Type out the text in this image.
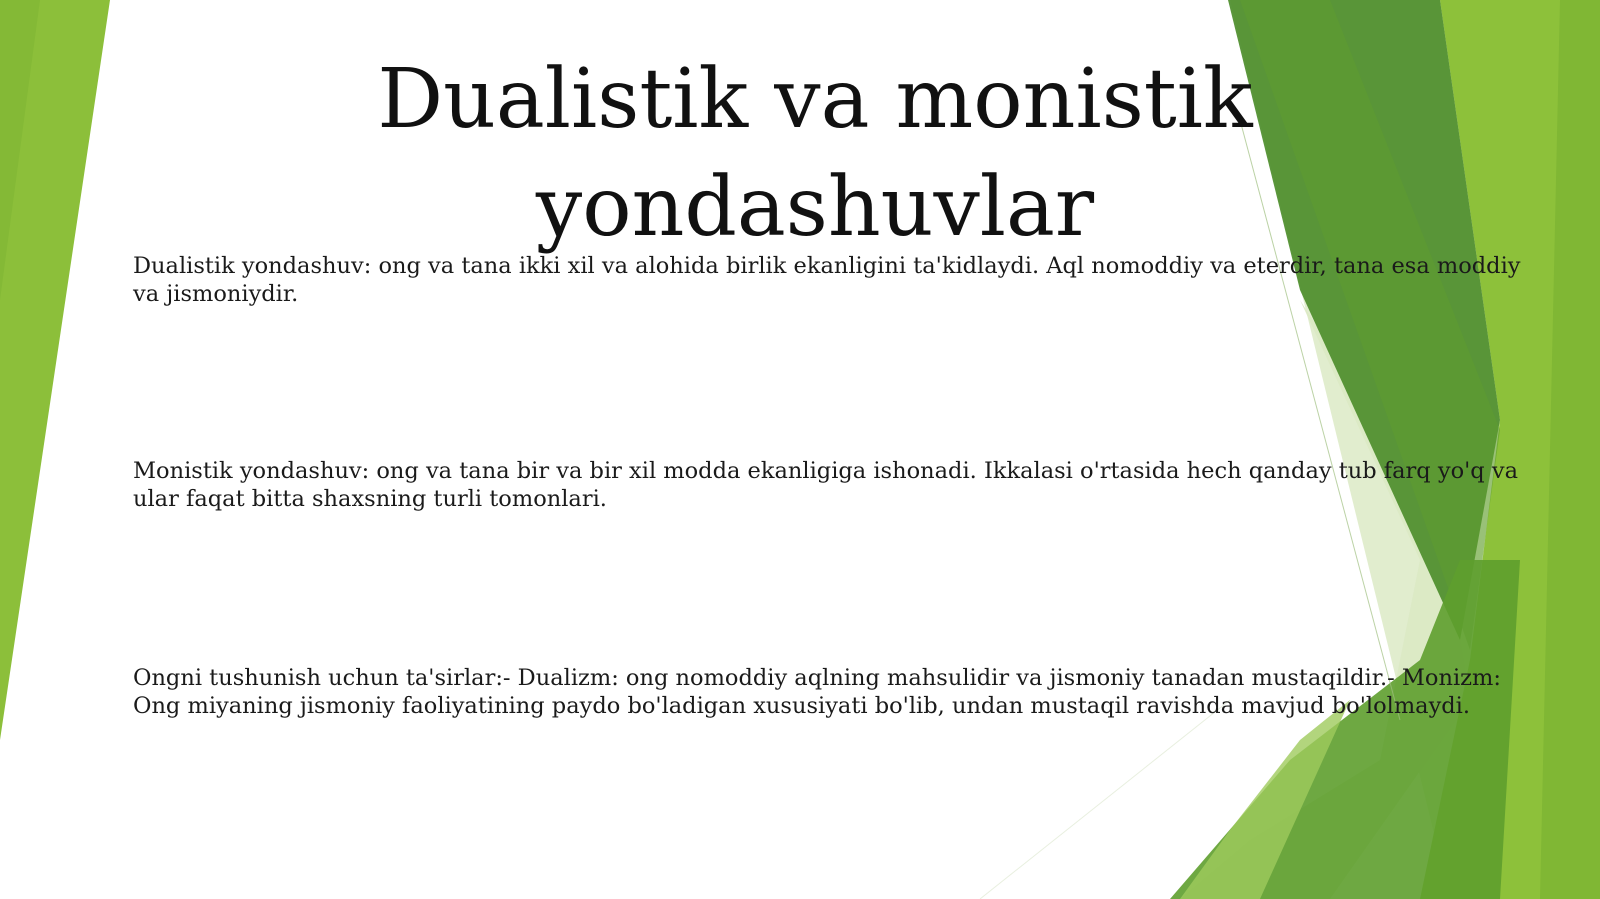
Dualistik va monistik yondashuvlar

Dualistik yondashuv: ong va tana ikki xil va alohida birlik ekanligini ta'kidlaydi. Aql nomoddiy va eterdir, tana esa moddiy va jismoniydir.

Monistik yondashuv: ong va tana bir va bir xil modda ekanligiga ishonadi. Ikkalasi o'rtasida hech qanday tub farq yo'q va ular faqat bitta shaxsning turli tomonlari.

Ongni tushunish uchun ta'sirlar:- Dualizm: ong nomoddiy aqlning mahsulidir va jismoniy tanadan mustaqildir.- Monizm: Ong miyaning jismoniy faoliyatining paydo bo'ladigan xususiyati bo'lib, undan mustaqil ravishda mavjud bo'lolmaydi.
